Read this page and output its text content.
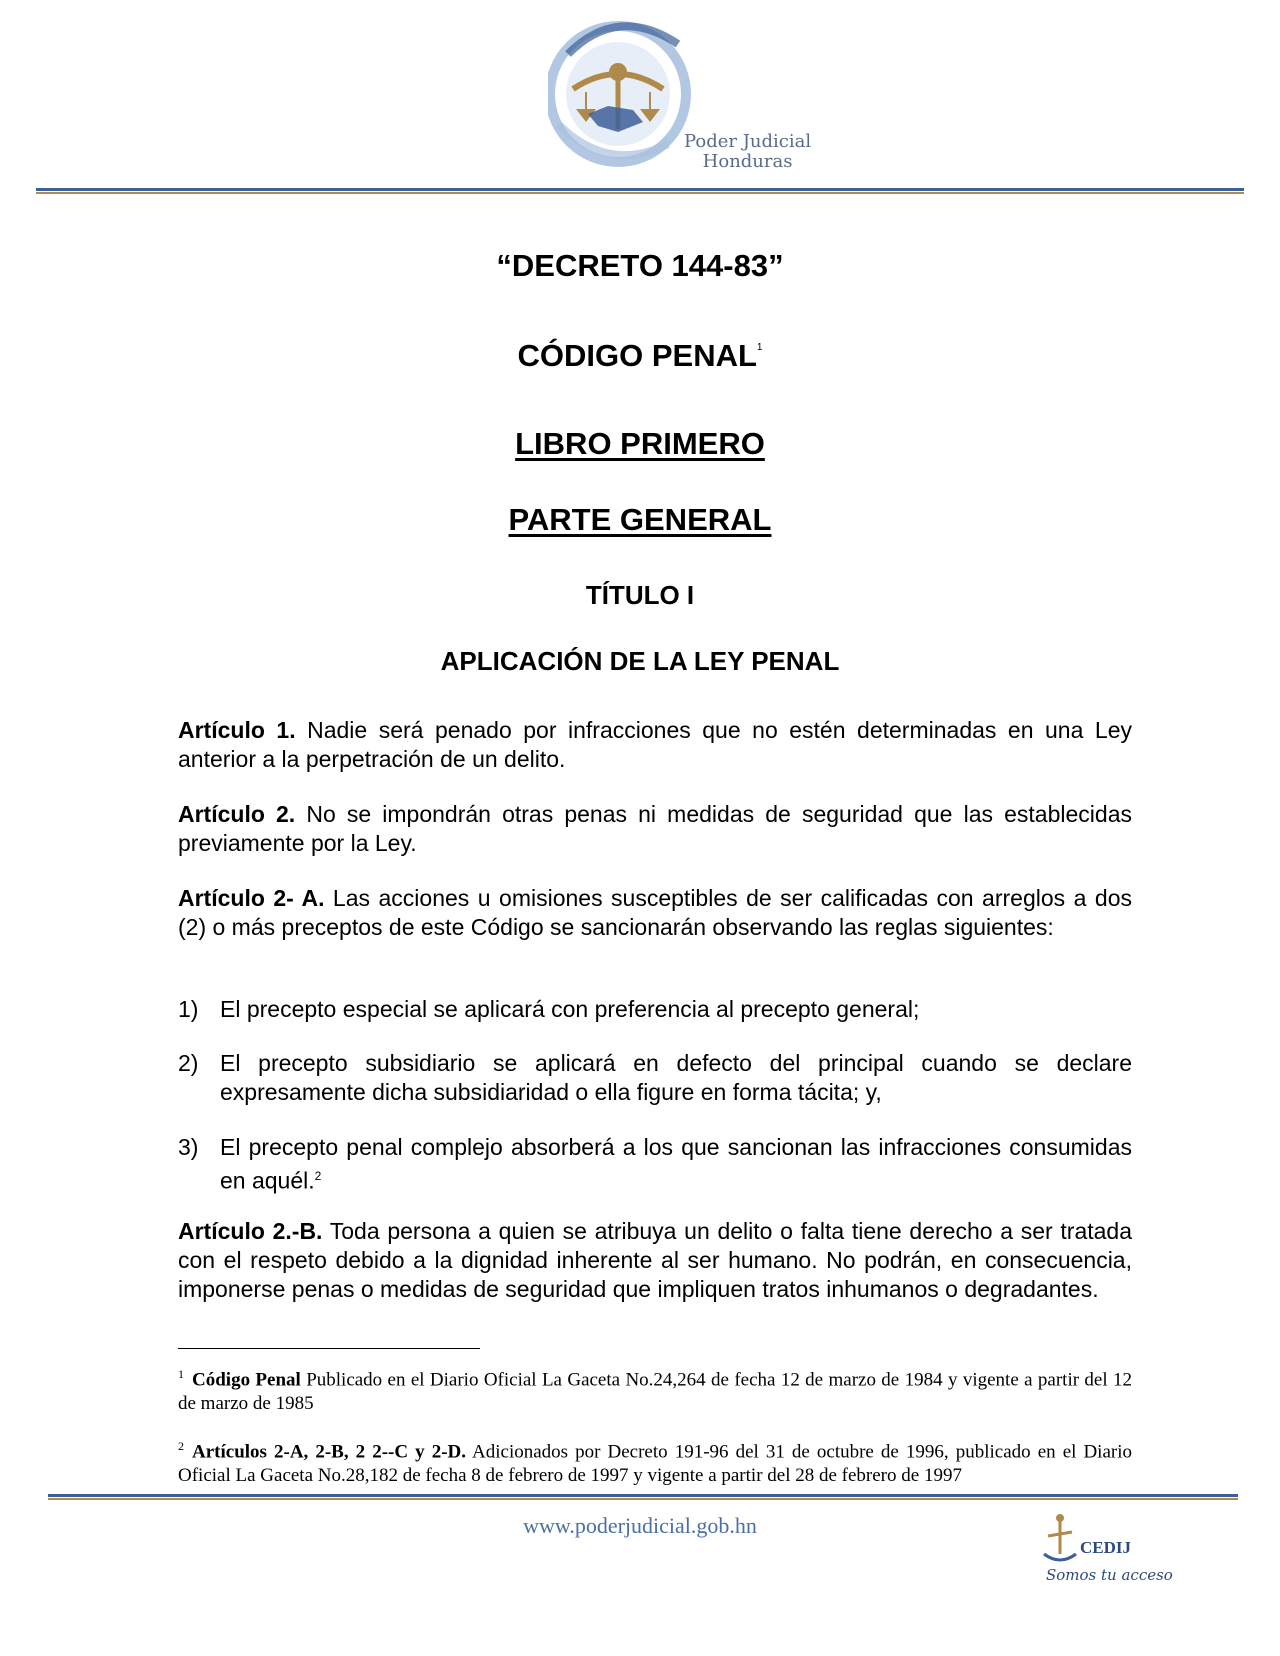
Poder Judicial
Honduras
“DECRETO 144-83”
CÓDIGO PENAL$^1$
LIBRO PRIMERO
PARTE GENERAL
TÍTULO I
APLICACIÓN DE LA LEY PENAL
Artículo 1. Nadie será penado por infracciones que no estén determinadas en una Ley anterior a la perpetración de un delito.
Artículo 2. No se impondrán otras penas ni medidas de seguridad que las establecidas previamente por la Ley.
Artículo 2- A. Las acciones u omisiones susceptibles de ser calificadas con arreglos a dos (2) o más preceptos de este Código se sancionarán observando las reglas siguientes:
1) El precepto especial se aplicará con preferencia al precepto general;
2) El precepto subsidiario se aplicará en defecto del principal cuando se declare expresamente dicha subsidiaridad o ella figure en forma tácita; y,
3) El precepto penal complejo absorberá a los que sancionan las infracciones consumidas en aquél.$^2$
Artículo 2.-B. Toda persona a quien se atribuya un delito o falta tiene derecho a ser tratada con el respeto debido a la dignidad inherente al ser humano. No podrán, en consecuencia, imponerse penas o medidas de seguridad que impliquen tratos inhumanos o degradantes.
$^1$ Código Penal Publicado en el Diario Oficial La Gaceta No.24,264 de fecha 12 de marzo de 1984 y vigente a partir del 12 de marzo de 1985
$^2$ Artículos 2-A, 2-B, 2 2--C y 2-D. Adicionados por Decreto 191-96 del 31 de octubre de 1996, publicado en el Diario Oficial La Gaceta No.28,182 de fecha 8 de febrero de 1997 y vigente a partir del 28 de febrero de 1997
www.poderjudicial.gob.hn
CEDIJ
Somos tu acceso
